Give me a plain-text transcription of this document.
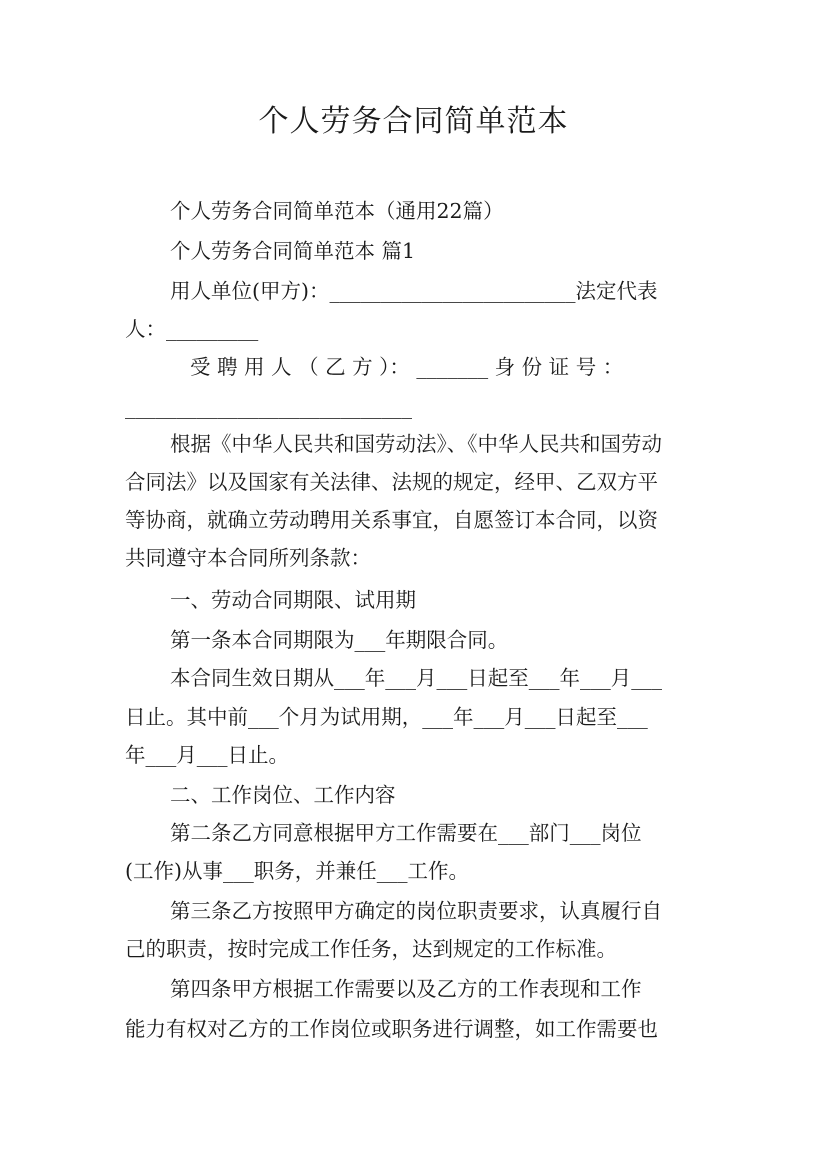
个人劳务合同简单范本
个人劳务合同简单范本（通用22篇）
个人劳务合同简单范本 篇1
用人单位(甲方)：________________________法定代表
人：_________
受 聘 用 人 （ 乙 方 ）： _______ 身 份 证 号 ：
____________________________
根据《中华人民共和国劳动法》、《中华人民共和国劳动
合同法》以及国家有关法律、法规的规定，经甲、乙双方平
等协商，就确立劳动聘用关系事宜，自愿签订本合同，以资
共同遵守本合同所列条款：
一、劳动合同期限、试用期
第一条本合同期限为___年期限合同。
本合同生效日期从___年___月___日起至___年___月___
日止。其中前___个月为试用期，___年___月___日起至___
年___月___日止。
二、工作岗位、工作内容
第二条乙方同意根据甲方工作需要在___部门___岗位
(工作)从事___职务，并兼任___工作。
第三条乙方按照甲方确定的岗位职责要求，认真履行自
己的职责，按时完成工作任务，达到规定的工作标准。
第四条甲方根据工作需要以及乙方的工作表现和工作
能力有权对乙方的工作岗位或职务进行调整，如工作需要也
